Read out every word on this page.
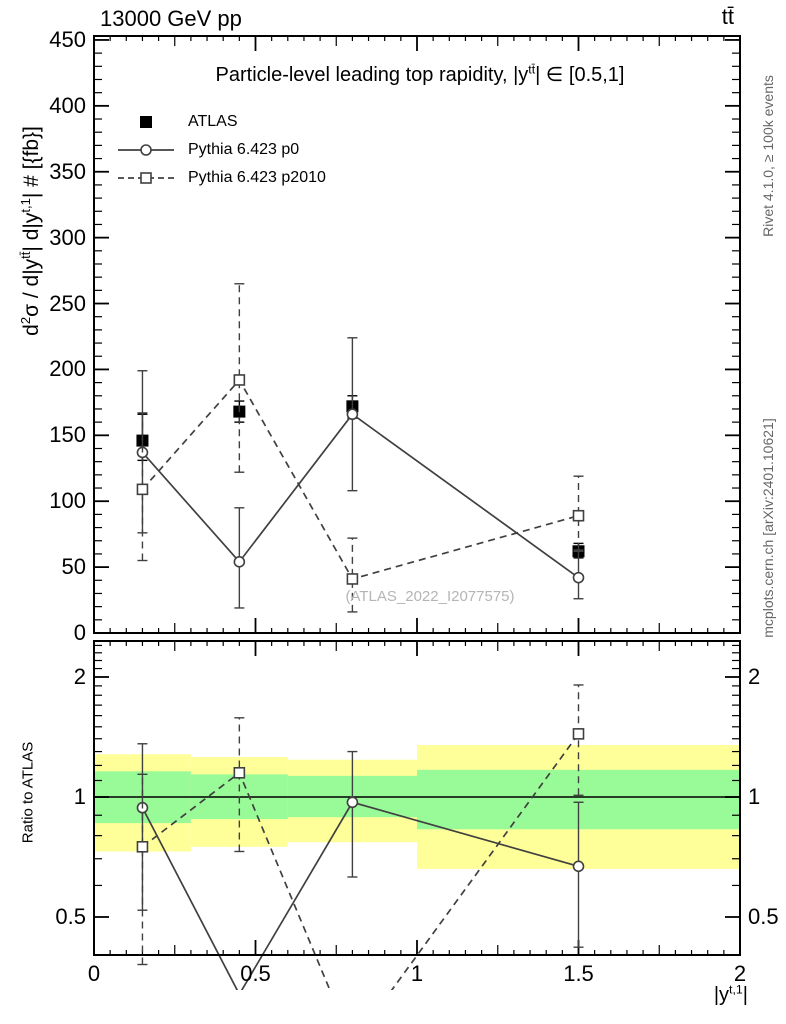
13000 GeV pp	tt̄
Particle-level leading top rapidity, $|y^{tt̄}|$ ∈ [0.5,1]
ATLAS
Pythia 6.423 p0
Pythia 6.423 p2010
$d^2\sigma / d|y^{tt̄}|$ $d|y^{t,1}|$ # [{fb}]
Ratio to ATLAS
Rivet 4.1.0, ≥ 100k events
mcplots.cern.ch [arXiv:2401.10621]
(ATLAS_2022_I2077575)
$|y^{t,1}|$
0
50
100
150
200
250
300
350
400
450
0.5	0.5
1	1
2	2
0	0.5	1	1.5	2
